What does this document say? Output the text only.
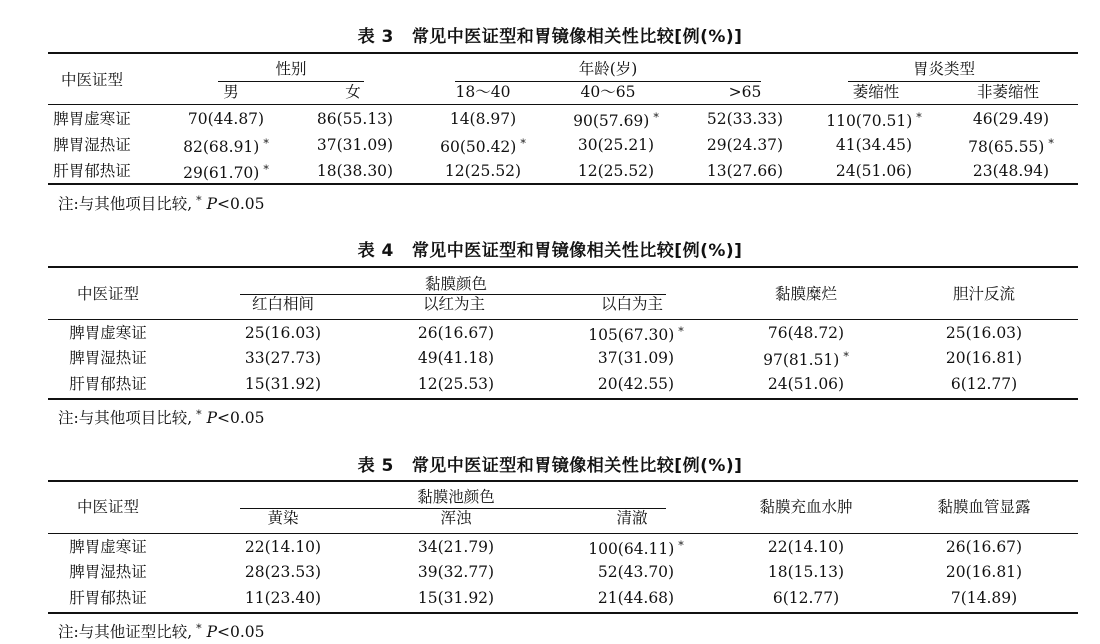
表 3 常见中医证型和胃镜像相关性比较[例(%)]
中医证型
性别
男	女
年龄(岁)
18～40	40～65	>65
胃炎类型
萎缩性	非萎缩性
脾胃虚寒证	70(44.87)	86(55.13)	14(8.97)	90(57.69) *	52(33.33)	110(70.51) *	46(29.49)
脾胃湿热证	82(68.91) *	37(31.09)	60(50.42) *	30(25.21)	29(24.37)	41(34.45)	78(65.55) *
肝胃郁热证	29(61.70) *	18(38.30)	12(25.52)	12(25.52)	13(27.66)	24(51.06)	23(48.94)
注:与其他项目比较, * P<0.05
表 4 常见中医证型和胃镜像相关性比较[例(%)]
中医证型
黏膜颜色
红白相间	以红为主	以白为主
黏膜糜烂	胆汁反流
脾胃虚寒证	25(16.03)	26(16.67)	105(67.30) *	76(48.72)	25(16.03)
脾胃湿热证	33(27.73)	49(41.18)	37(31.09)	97(81.51) *	20(16.81)
肝胃郁热证	15(31.92)	12(25.53)	20(42.55)	24(51.06)	6(12.77)
注:与其他项目比较, * P<0.05
表 5 常见中医证型和胃镜像相关性比较[例(%)]
中医证型
黏膜池颜色
黄染	浑浊	清澈
黏膜充血水肿	黏膜血管显露
脾胃虚寒证	22(14.10)	34(21.79)	100(64.11) *	22(14.10)	26(16.67)
脾胃湿热证	28(23.53)	39(32.77)	52(43.70)	18(15.13)	20(16.81)
肝胃郁热证	11(23.40)	15(31.92)	21(44.68)	6(12.77)	7(14.89)
注:与其他证型比较, * P<0.05
